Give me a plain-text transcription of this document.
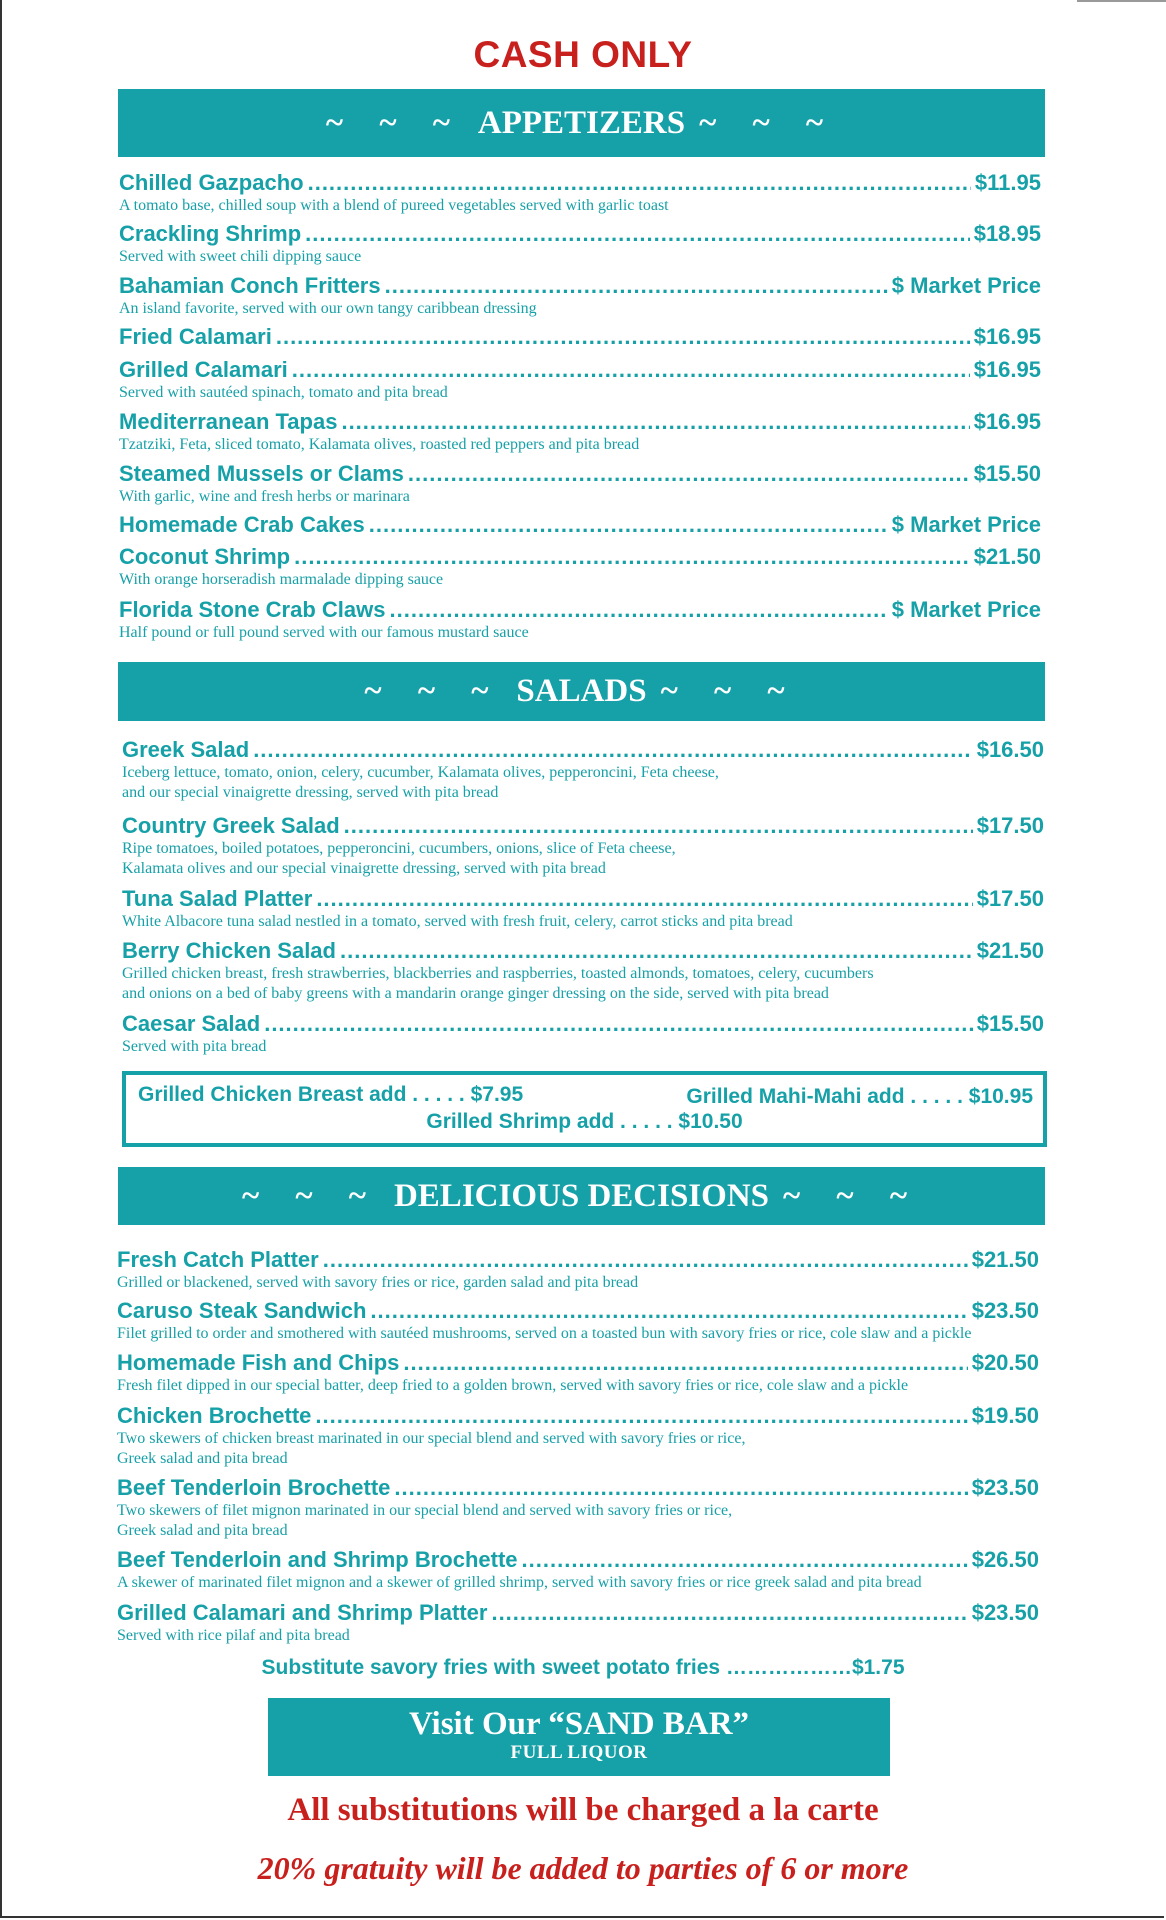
CASH ONLY
~ ~ ~ APPETIZERS ~ ~ ~
Chilled Gazpacho .....	$11.95
A tomato base, chilled soup with a blend of pureed vegetables served with garlic toast
Crackling Shrimp .....	$18.95
Served with sweet chili dipping sauce
Bahamian Conch Fritters .....	$ Market Price
An island favorite, served with our own tangy caribbean dressing
Fried Calamari .....	$16.95
Grilled Calamari .....	$16.95
Served with sautéed spinach, tomato and pita bread
Mediterranean Tapas .....	$16.95
Tzatziki, Feta, sliced tomato, Kalamata olives, roasted red peppers and pita bread
Steamed Mussels or Clams .....	$15.50
With garlic, wine and fresh herbs or marinara
Homemade Crab Cakes .....	$ Market Price
Coconut Shrimp .....	$21.50
With orange horseradish marmalade dipping sauce
Florida Stone Crab Claws .....	$ Market Price
Half pound or full pound served with our famous mustard sauce
~ ~ ~ SALADS ~ ~ ~
Greek Salad .....	$16.50
Iceberg lettuce, tomato, onion, celery, cucumber, Kalamata olives, pepperoncini, Feta cheese,
and our special vinaigrette dressing, served with pita bread
Country Greek Salad .....	$17.50
Ripe tomatoes, boiled potatoes, pepperoncini, cucumbers, onions, slice of Feta cheese,
Kalamata olives and our special vinaigrette dressing, served with pita bread
Tuna Salad Platter .....	$17.50
White Albacore tuna salad nestled in a tomato, served with fresh fruit, celery, carrot sticks and pita bread
Berry Chicken Salad .....	$21.50
Grilled chicken breast, fresh strawberries, blackberries and raspberries, toasted almonds, tomatoes, celery, cucumbers
and onions on a bed of baby greens with a mandarin orange ginger dressing on the side, served with pita bread
Caesar Salad .....	$15.50
Served with pita bread
Grilled Chicken Breast add . . . . . $7.95	Grilled Mahi-Mahi add . . . . . $10.95
Grilled Shrimp add . . . . . $10.50
~ ~ ~ DELICIOUS DECISIONS ~ ~ ~
Fresh Catch Platter .....	$21.50
Grilled or blackened, served with savory fries or rice, garden salad and pita bread
Caruso Steak Sandwich .....	$23.50
Filet grilled to order and smothered with sautéed mushrooms, served on a toasted bun with savory fries or rice, cole slaw and a pickle
Homemade Fish and Chips .....	$20.50
Fresh filet dipped in our special batter, deep fried to a golden brown, served with savory fries or rice, cole slaw and a pickle
Chicken Brochette .....	$19.50
Two skewers of chicken breast marinated in our special blend and served with savory fries or rice,
Greek salad and pita bread
Beef Tenderloin Brochette .....	$23.50
Two skewers of filet mignon marinated in our special blend and served with savory fries or rice,
Greek salad and pita bread
Beef Tenderloin and Shrimp Brochette .....	$26.50
A skewer of marinated filet mignon and a skewer of grilled shrimp, served with savory fries or rice greek salad and pita bread
Grilled Calamari and Shrimp Platter .....	$23.50
Served with rice pilaf and pita bread
Substitute savory fries with sweet potato fries ………………$1.75
Visit Our “SAND BAR”
FULL LIQUOR
All substitutions will be charged a la carte
20% gratuity will be added to parties of 6 or more
